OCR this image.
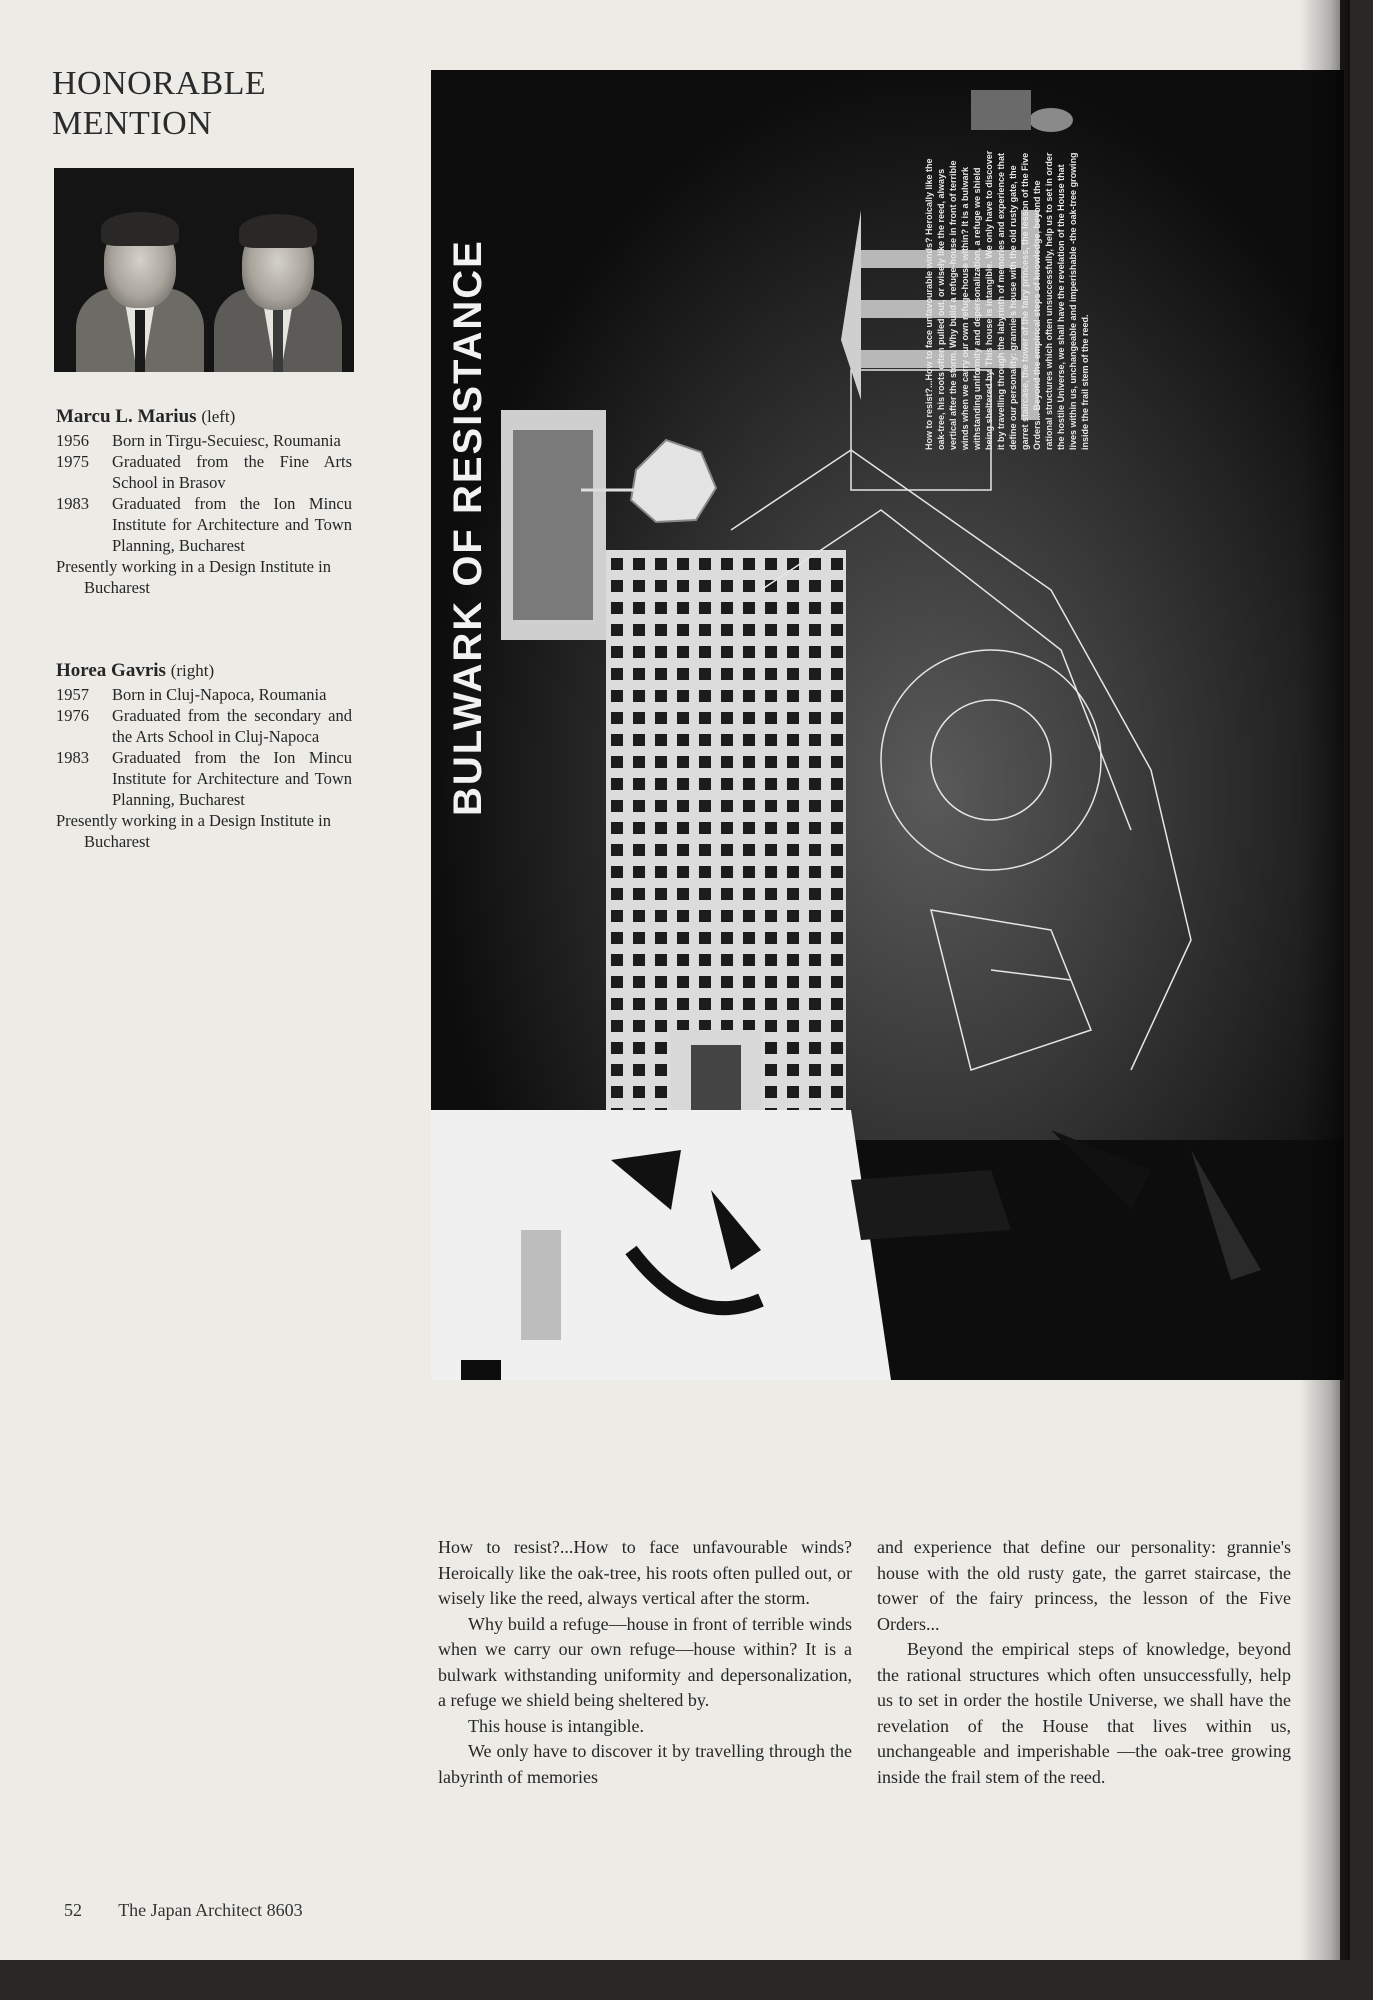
HONORABLE MENTION
Marcu L. Marius (left)
1956	Born in Tirgu-Secuiesc, Roumania
1975	Graduated from the Fine Arts School in Brasov
1983	Graduated from the Ion Mincu Institute for Architecture and Town Planning, Bucharest
Presently working in a Design Institute in Bucharest
Horea Gavris (right)
1957	Born in Cluj-Napoca, Roumania
1976	Graduated from the secondary and the Arts School in Cluj-Napoca
1983	Graduated from the Ion Mincu Institute for Architecture and Town Planning, Bucharest
Presently working in a Design Institute in Bucharest
How to resist?...How to face unfavourable winds? Heroically like the oak-tree, his roots often pulled out, or wisely like the reed, always vertical after the storm. Why build a refuge-house in front of terrible winds when we carry our own refuge-house within? It is a bulwark withstanding uniformity and depersonalization, a refuge we shield being sheltered by. This house is intangible. We only have to discover it by travelling through the labyrinth of memories and experience that define our personality: grannie's house with the old rusty gate, the garret staircase, the tower of the fairy princess, the lesson of the Five Orders... Beyond the empirical steps of knowledge, beyond the rational structures which often unsuccessfully, help us to set in order the hostile Universe, we shall have the revelation of the House that lives within us, unchangeable and imperishable -the oak-tree growing inside the frail stem of the reed.
BULWARK OF RESISTANCE

How to resist?...How to face unfavourable winds? Heroically like the oak-tree, his roots often pulled out, or wisely like the reed, always vertical after the storm.

Why build a refuge—house in front of terrible winds when we carry our own refuge—house within? It is a bulwark withstanding uniformity and depersonalization, a refuge we shield being sheltered by.

This house is intangible.

We only have to discover it by travelling through the labyrinth of memories

and experience that define our personality: grannie's house with the old rusty gate, the garret staircase, the tower of the fairy princess, the lesson of the Five Orders...

Beyond the empirical steps of knowledge, beyond the rational structures which often unsuccessfully, help us to set in order the hostile Universe, we shall have the revelation of the House that lives within us, unchangeable and imperishable —the oak-tree growing inside the frail stem of the reed.

52 The Japan Architect 8603
